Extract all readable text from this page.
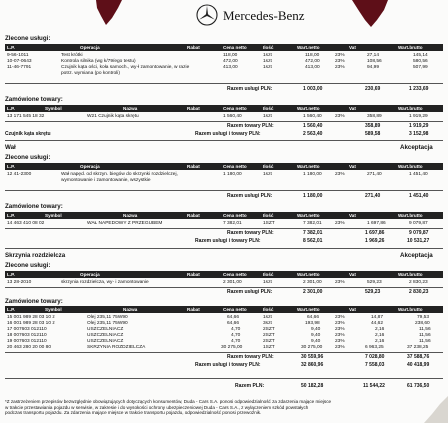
Mercedes-Benz
Zlecone usługi:
L.P.	Operacja	Rabat	Cena netto	Ilość	Wart.netto	Vat	Wart.brutto
9-56-1011	Test krótki	118,00	1szt	118,00	23%	27,14	145,14
10-07-0643	Kontrola silnika (wg k/79/ego testu)	472,00	1szt	472,00	23%	108,56	580,56
11-46-7791	Czujnik kąta ości, koła samoch., wy-ł zamontowanie, w razie potrz. wymiana (po kontroli)
413,00	1szt	413,00	23%	94,99	507,99
Razem usługi PLN:	1 003,00	230,69	1 233,69
Zamówione towary:
L.P.	Symbol	Nazwa	Rabat	Cena netto	Ilość	Wart.netto	Vat	Wart.brutto
13 171 545 18 32	W21 Czujnik kąta skrętu	1 560,40	1szt	1 560,40	23%	358,89	1 919,29
Razem towary PLN:	1 560,40	358,89	1 919,29
Czujnik kąta skrętu	Razem usługi i towary PLN:	2 563,40	589,58	3 152,98
Wał	Akceptacja
Zlecone usługi:
L.P.	Operacja	Rabat	Cena netto	Ilość	Wart.netto	Vat	Wart.brutto
12 41-2300	Wał napęd. od skrzyn. biegów do skrzynki rozdzielczej, wymontowanie i zamontowanie, wszystkie
1 180,00	1szt	1 180,00	23%	271,40	1 451,40
Razem usługi PLN:	1 180,00	271,40	1 451,40
Zamówione towary:
L.P.	Symbol	Nazwa	Rabat	Cena netto	Ilość	Wart.netto	Vat	Wart.brutto
14 463 410 08 02	WAŁ NAPEDOWY Z PRZEGUBEM	7 382,01	1SZT	7 382,01	23%	1 697,86	9 079,87
Razem towary PLN:	7 382,01	1 697,86	9 079,87
Razem usługi i towary PLN:	8 562,01	1 969,26	10 531,27
Skrzynia rozdzielcza	Akceptacja
Zlecone usługi:
L.P.	Operacja	Rabat	Cena netto	Ilość	Wart.netto	Vat	Wart.brutto
13 28-2010	skrzynia rozdzielcza, wy- i zamontowanie	2 301,00	1szt	2 301,00	23%	529,23	2 830,23
Razem usługi PLN:	2 301,00	529,23	2 830,23
Zamówione towary:
L.P.	Symbol	Nazwa	Rabat	Cena netto	Ilość	Wart.netto	Vat	Wart.brutto
15 001 989 28 03 10 z	Olej 235,11 75W90	64,66	1szt	64,66	23%	14,87	79,53
16 001 989 28 03 10 z	Olej 235,11 75W90	64,66	3szt	193,98	23%	44,62	238,60
17 007603 012110	USZCZELNIACZ	4,70	2SZT	9,40	23%	2,16	11,56
18 007603 012110	USZCZELNIACZ	4,70	2SZT	9,40	23%	2,16	11,56
19 007603 012110	USZCZELNIACZ	4,70	2SZT	9,40	23%	2,16	11,56
20 463 280 20 00 80	SKRZYNIA ROZDZIELCZA	30 275,00	1SZT	30 275,00	23%	6 963,25	37 238,25
Razem towary PLN:	30 559,96	7 028,80	37 588,76
Razem usługi i towary PLN:	32 860,96	7 558,03	40 418,99
Razem PLN:	50 182,28	11 544,22	61 736,50
*Z zastrzeżeniem przepisów bezwzględnie obowiązujących dotyczących konsumentów, Duda - Cars S.A. ponosi odpowiedzialność za zdarzenia mające miejsce
w trakcie przestawiania pojazdu w serwisie, w zakresie i do wysokości ochrony ubezpieczeniowej Duda - Cars S.A., z wyłączeniem szkód powstałych
podczas transportu pojazdu. Za zdarzenia mające miejsce w trakcie transportu pojazdu, odpowiedzialność ponosi przewoźnik.
